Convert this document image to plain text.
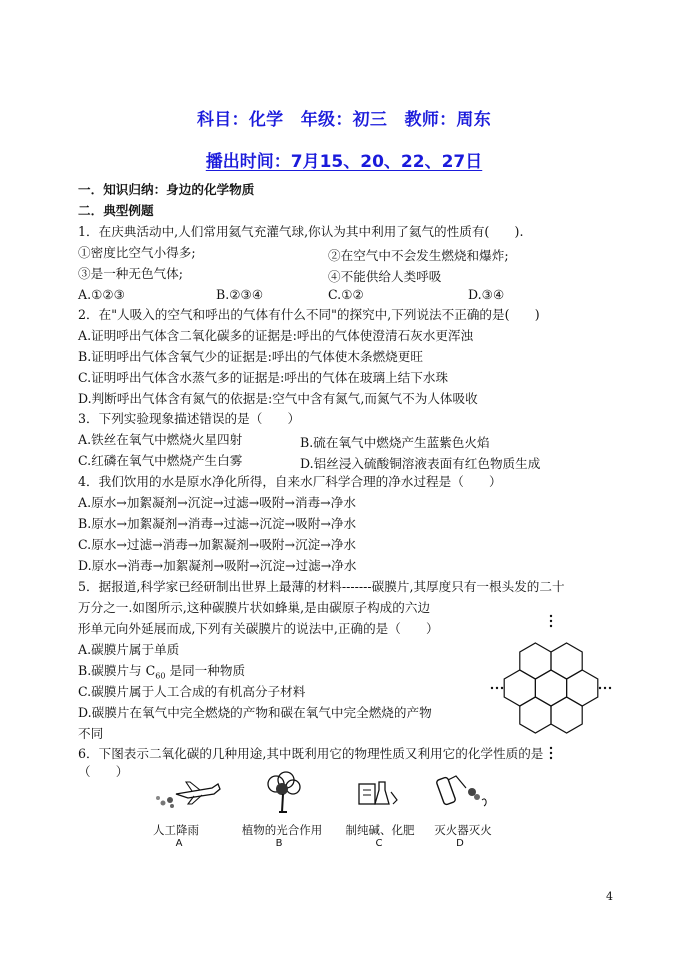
科目：化学　年级：初三　教师：周东
播出时间：7月15、20、22、27日
一．知识归纳：身边的化学物质
二．典型例题
1．在庆典活动中,人们常用氦气充灌气球,你认为其中利用了氦气的性质有(　　).
①密度比空气小得多;	②在空气中不会发生燃烧和爆炸;
③是一种无色气体;	④不能供给人类呼吸
A.①②③	B.②③④	C.①②	D.③④
2．在"人吸入的空气和呼出的气体有什么不同"的探究中,下列说法不正确的是(　　)
A.证明呼出气体含二氧化碳多的证据是:呼出的气体使澄清石灰水更浑浊
B.证明呼出气体含氧气少的证据是:呼出的气体使木条燃烧更旺
C.证明呼出气体含水蒸气多的证据是:呼出的气体在玻璃上结下水珠
D.判断呼出气体含有氮气的依据是:空气中含有氮气,而氮气不为人体吸收
3．下列实验现象描述错误的是（　　）
A.铁丝在氧气中燃烧火星四射	B.硫在氧气中燃烧产生蓝紫色火焰
C.红磷在氧气中燃烧产生白雾	D.铝丝浸入硫酸铜溶液表面有红色物质生成
4．我们饮用的水是原水净化所得，自来水厂科学合理的净水过程是（　　）
A.原水→加絮凝剂→沉淀→过滤→吸附→消毒→净水
B.原水→加絮凝剂→消毒→过滤→沉淀→吸附→净水
C.原水→过滤→消毒→加絮凝剂→吸附→沉淀→净水
D.原水→消毒→加絮凝剂→吸附→沉淀→过滤→净水
5．据报道,科学家已经研制出世界上最薄的材料-------碳膜片,其厚度只有一根头发的二十
万分之一.如图所示,这种碳膜片状如蜂巢,是由碳原子构成的六边
形单元向外延展而成,下列有关碳膜片的说法中,正确的是（　　）
A.碳膜片属于单质
B.碳膜片与 $C_{60}$ 是同一种物质
C.碳膜片属于人工合成的有机高分子材料
D.碳膜片在氧气中完全燃烧的产物和碳在氧气中完全燃烧的产物
不同
6．下图表示二氧化碳的几种用途,其中既利用它的物理性质又利用它的化学性质的是
（　　）
人工降雨	植物的光合作用	制纯碱、化肥	灭火器灭火
A	B	C	D
4
